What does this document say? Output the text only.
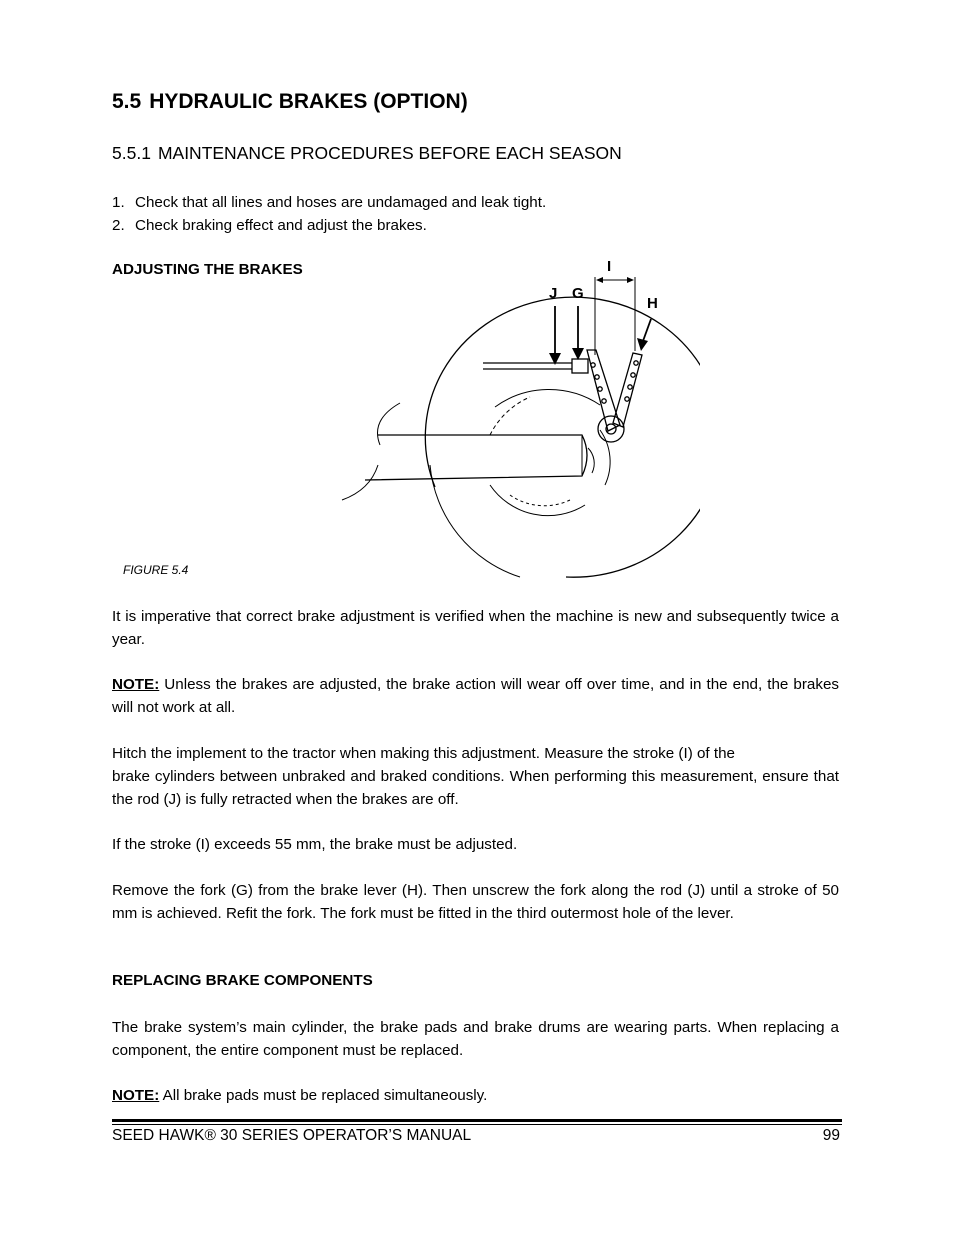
5.5 HYDRAULIC BRAKES (OPTION)
5.5.1 MAINTENANCE PROCEDURES BEFORE EACH SEASON
1. Check that all lines and hoses are undamaged and leak tight.
2. Check braking effect and adjust the brakes.
ADJUSTING THE BRAKES	I
J G
H
FIGURE 5.4
It is imperative that correct brake adjustment is verified when the machine is new and subsequently twice a year.
NOTE: Unless the brakes are adjusted, the brake action will wear off over time, and in the end, the brakes will not work at all.
Hitch the implement to the tractor when making this adjustment. Measure the stroke (I) of the
brake cylinders between unbraked and braked conditions. When performing this measurement, ensure that the rod (J) is fully retracted when the brakes are off.
If the stroke (I) exceeds 55 mm, the brake must be adjusted.
Remove the fork (G) from the brake lever (H). Then unscrew the fork along the rod (J) until a stroke of 50 mm is achieved. Refit the fork. The fork must be fitted in the third outermost hole of the lever.
REPLACING BRAKE COMPONENTS
The brake system’s main cylinder, the brake pads and brake drums are wearing parts. When replacing a component, the entire component must be replaced.
NOTE: All brake pads must be replaced simultaneously.
SEED HAWK® 30 SERIES OPERATOR’S MANUAL	99
